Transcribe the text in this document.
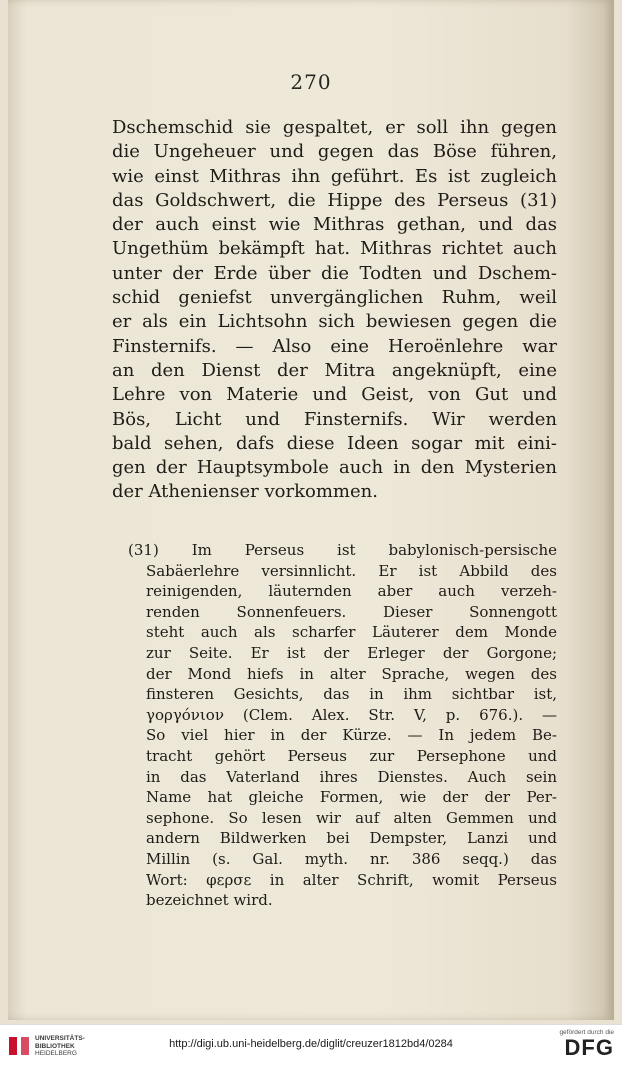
270
Dschemschid sie gespaltet, er soll ihn gegen
die Ungeheuer und gegen das Böse führen,
wie einst Mithras ihn geführt. Es ist zugleich
das Goldschwert, die Hippe des Perseus (31)
der auch einst wie Mithras gethan, und das
Ungethüm bekämpft hat. Mithras richtet auch
unter der Erde über die Todten und Dschem-
schid geniefst unvergänglichen Ruhm, weil
er als ein Lichtsohn sich bewiesen gegen die
Finsternifs. — Also eine Heroënlehre war
an den Dienst der Mitra angeknüpft, eine
Lehre von Materie und Geist, von Gut und
Bös, Licht und Finsternifs. Wir werden
bald sehen, dafs diese Ideen sogar mit eini-
gen der Hauptsymbole auch in den Mysterien
der Athenienser vorkommen.
(31) Im Perseus ist babylonisch-persische
Sabäerlehre versinnlicht. Er ist Abbild des
reinigenden, läuternden aber auch verzeh-
renden Sonnenfeuers. Dieser Sonnengott
steht auch als scharfer Läuterer dem Monde
zur Seite. Er ist der Erleger der Gorgone;
der Mond hiefs in alter Sprache, wegen des
finsteren Gesichts, das in ihm sichtbar ist,
γοργόνιον (Clem. Alex. Str. V, p. 676.). —
So viel hier in der Kürze. — In jedem Be-
tracht gehört Perseus zur Persephone und
in das Vaterland ihres Dienstes. Auch sein
Name hat gleiche Formen, wie der der Per-
sephone. So lesen wir auf alten Gemmen und
andern Bildwerken bei Dempster, Lanzi und
Millin (s. Gal. myth. nr. 386 seqq.) das
Wort: φερσε in alter Schrift, womit Perseus
bezeichnet wird.
UNIVERSITÄTS-
BIBLIOTHEK
HEIDELBERG
http://digi.ub.uni-heidelberg.de/diglit/creuzer1812bd4/0284
gefördert durch die
DFG
